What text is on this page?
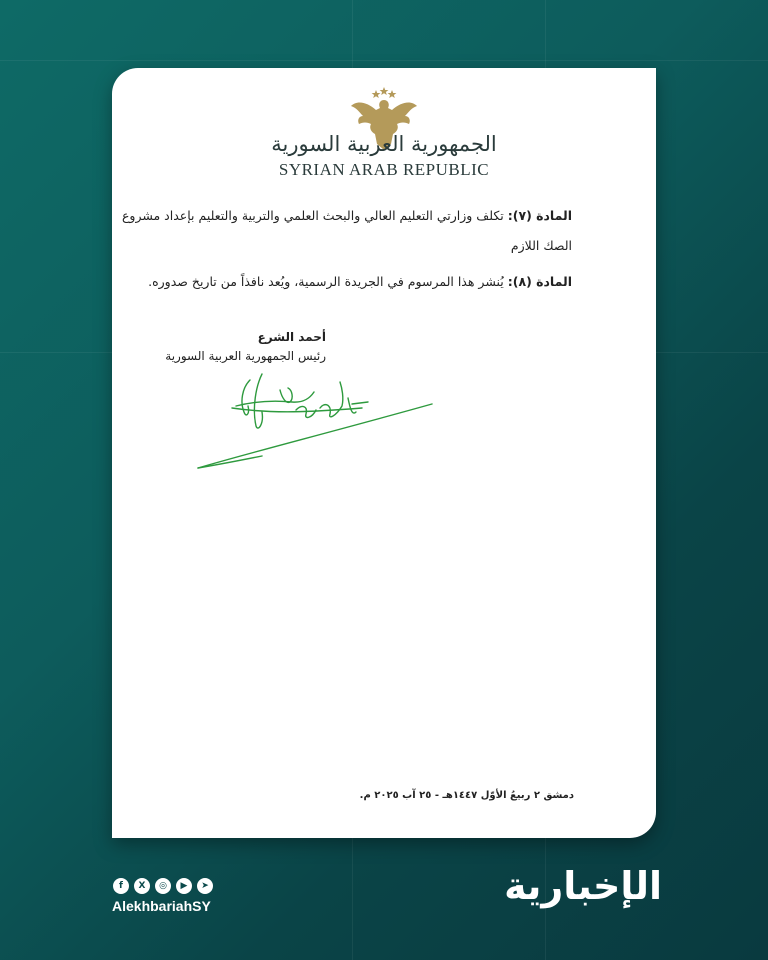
الجمهورية العربية السورية
SYRIAN ARAB REPUBLIC
المادة (٧): تكلف وزارتي التعليم العالي والبحث العلمي والتربية والتعليم بإعداد مشروع
الصك اللازم
المادة (٨): يُنشر هذا المرسوم في الجريدة الرسمية، ويُعد نافذاً من تاريخ صدوره.
أحمد الشرع
رئيس الجمهورية العربية السورية
دمشق ٢ ربيعُ الأوّل ١٤٤٧هـ - ٢٥ آب ٢٠٢٥ م.
f	X	◎	▶	➤
AlekhbariahSY	الإخبارية
